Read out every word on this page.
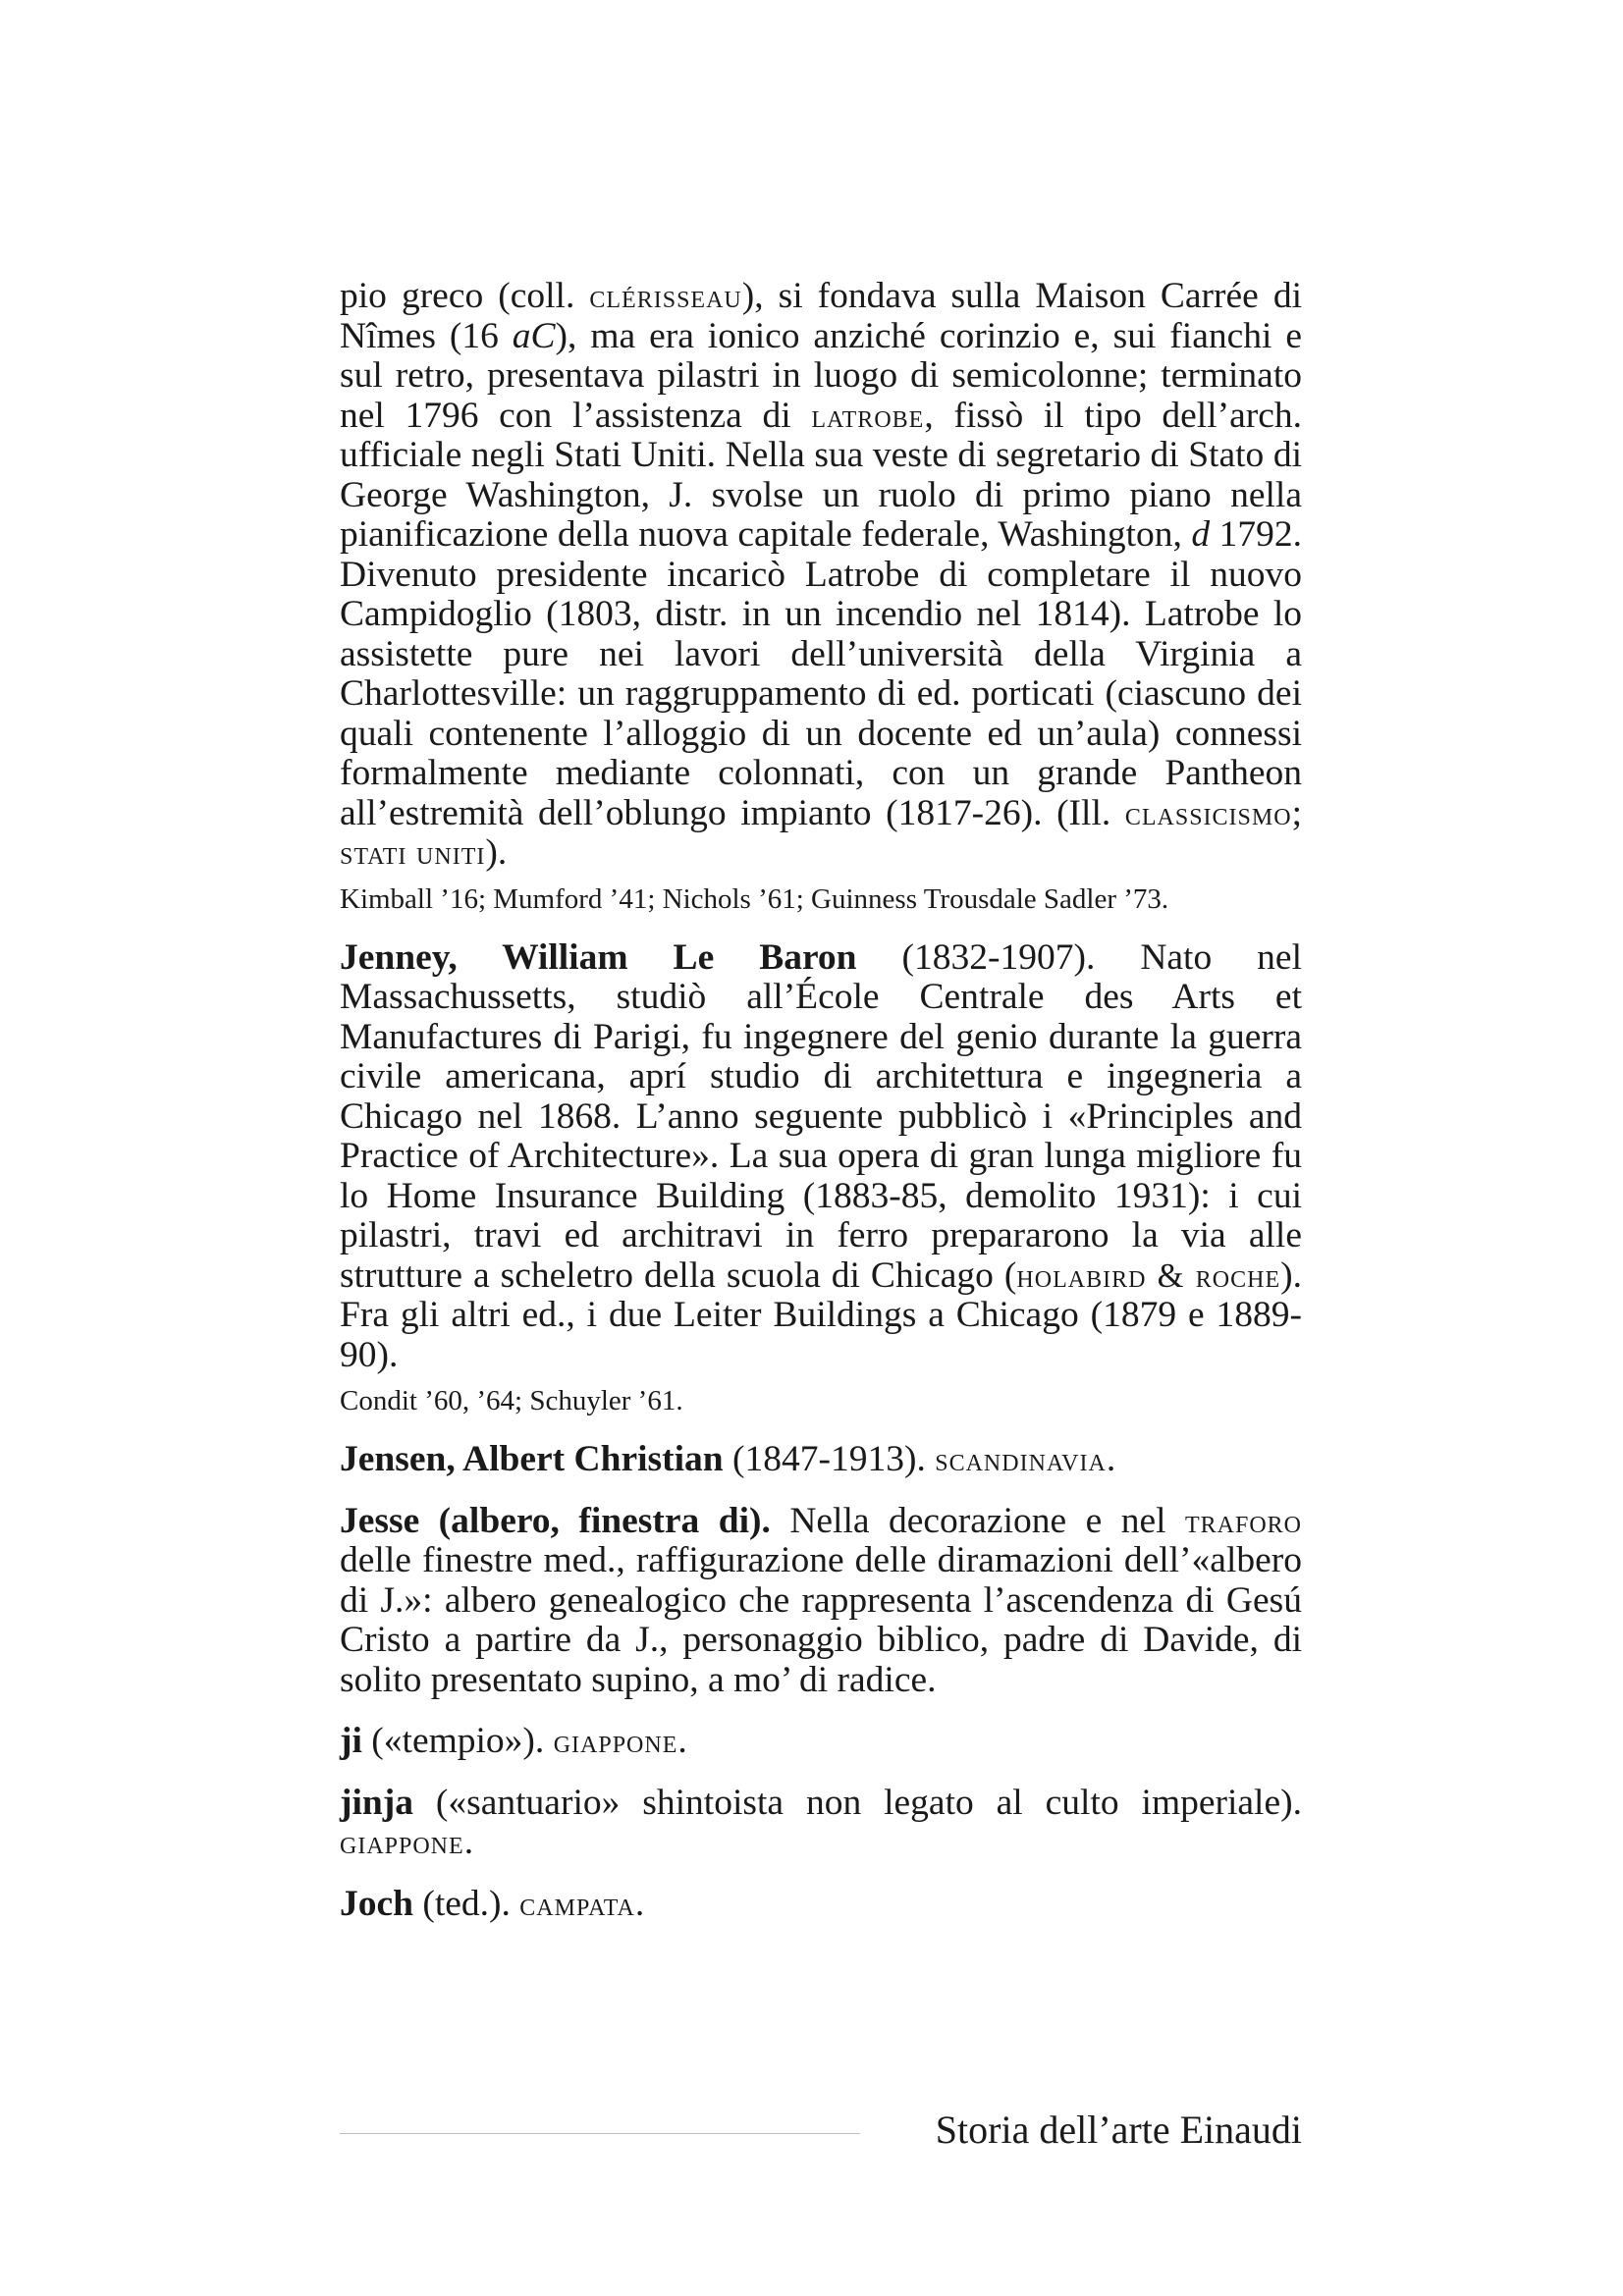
pio greco (coll. clérisseau), si fondava sulla Maison Carrée di Nîmes (16 aC), ma era ionico anziché corinzio e, sui fianchi e sul retro, presentava pilastri in luogo di semicolonne; terminato nel 1796 con l’assistenza di latrobe, fissò il tipo dell’arch. ufficiale negli Stati Uniti. Nella sua veste di segretario di Stato di George Washington, J. svolse un ruolo di primo piano nella pianificazione della nuova capitale federale, Washington, d 1792. Divenuto presidente incaricò Latrobe di completare il nuovo Campidoglio (1803, distr. in un incendio nel 1814). Latrobe lo assistette pure nei lavori dell’università della Virginia a Charlottesville: un raggruppamento di ed. porticati (ciascuno dei quali contenente l’alloggio di un docente ed un’aula) connessi formalmente mediante colonnati, con un grande Pantheon all’estremità dell’oblungo impianto (1817-26). (Ill. classicismo; stati uniti).

Kimball ’16; Mumford ’41; Nichols ’61; Guinness Trousdale Sadler ’73.

Jenney, William Le Baron (1832-1907). Nato nel Massachussetts, studiò all’École Centrale des Arts et Manufactures di Parigi, fu ingegnere del genio durante la guerra civile americana, aprí studio di architettura e ingegneria a Chicago nel 1868. L’anno seguente pubblicò i «Principles and Practice of Architecture». La sua opera di gran lunga migliore fu lo Home Insurance Building (1883-85, demolito 1931): i cui pilastri, travi ed architravi in ferro prepararono la via alle strutture a scheletro della scuola di Chicago (holabird & roche). Fra gli altri ed., i due Leiter Buildings a Chicago (1879 e 1889-90).

Condit ’60, ’64; Schuyler ’61.

Jensen, Albert Christian (1847-1913). scandinavia.

Jesse (albero, finestra di). Nella decorazione e nel traforo delle finestre med., raffigurazione delle diramazioni dell’«albero di J.»: albero genealogico che rappresenta l’ascendenza di Gesú Cristo a partire da J., personaggio biblico, padre di Davide, di solito presentato supino, a mo’ di radice.

ji («tempio»). giappone.

jinja («santuario» shintoista non legato al culto imperiale). giappone.

Joch (ted.). campata.

Storia dell’arte Einaudi
